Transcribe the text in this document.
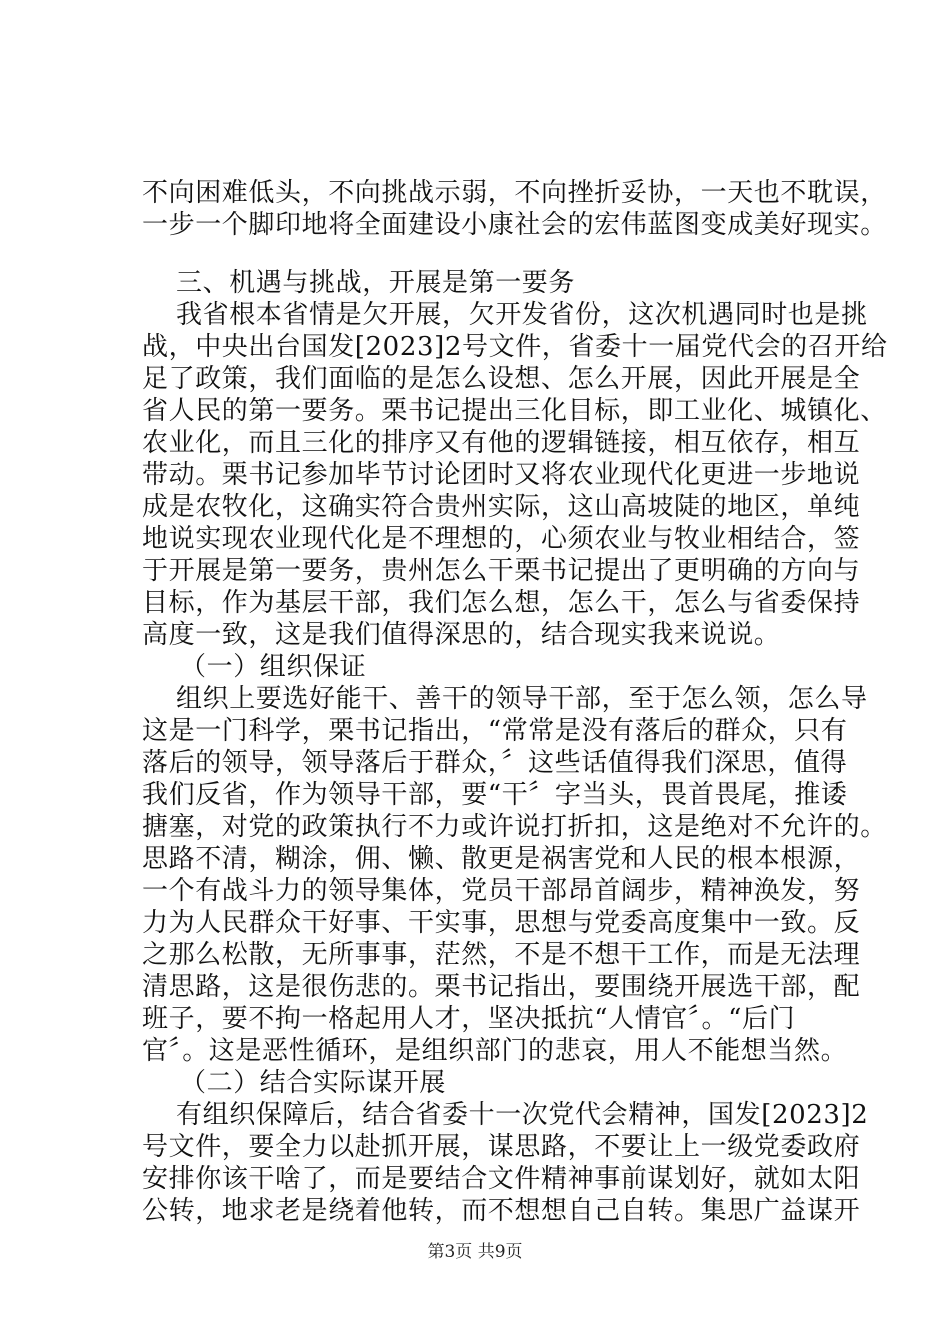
不向困难低头，不向挑战示弱，不向挫折妥协，一天也不耽误，
一步一个脚印地将全面建设小康社会的宏伟蓝图变成美好现实。
三、机遇与挑战，开展是第一要务
我省根本省情是欠开展，欠开发省份，这次机遇同时也是挑
战，中央出台国发[2023]2号文件，省委十一届党代会的召开给
足了政策，我们面临的是怎么设想、怎么开展，因此开展是全
省人民的第一要务。栗书记提出三化目标，即工业化、城镇化、
农业化，而且三化的排序又有他的逻辑链接，相互依存，相互
带动。栗书记参加毕节讨论团时又将农业现代化更进一步地说
成是农牧化，这确实符合贵州实际，这山高坡陡的地区，单纯
地说实现农业现代化是不理想的，心须农业与牧业相结合，签
于开展是第一要务，贵州怎么干栗书记提出了更明确的方向与
目标，作为基层干部，我们怎么想，怎么干，怎么与省委保持
高度一致，这是我们值得深思的，结合现实我来说说。
（一）组织保证
组织上要选好能干、善干的领导干部，至于怎么领，怎么导
这是一门科学，栗书记指出，“常常是没有落后的群众，只有
落后的领导，领导落后于群众，〞这些话值得我们深思，值得
我们反省，作为领导干部，要“干〞字当头，畏首畏尾，推诿
搪塞，对党的政策执行不力或许说打折扣，这是绝对不允许的。
思路不清，糊涂，佣、懒、散更是祸害党和人民的根本根源，
一个有战斗力的领导集体，党员干部昂首阔步，精神涣发，努
力为人民群众干好事、干实事，思想与党委高度集中一致。反
之那么松散，无所事事，茫然，不是不想干工作，而是无法理
清思路，这是很伤悲的。栗书记指出，要围绕开展选干部，配
班子，要不拘一格起用人才，坚决抵抗“人情官〞。“后门
官〞。这是恶性循环，是组织部门的悲哀，用人不能想当然。
（二）结合实际谋开展
有组织保障后，结合省委十一次党代会精神，国发[2023]2
号文件，要全力以赴抓开展，谋思路，不要让上一级党委政府
安排你该干啥了，而是要结合文件精神事前谋划好，就如太阳
公转，地求老是绕着他转，而不想想自己自转。集思广益谋开
第3页 共9页
